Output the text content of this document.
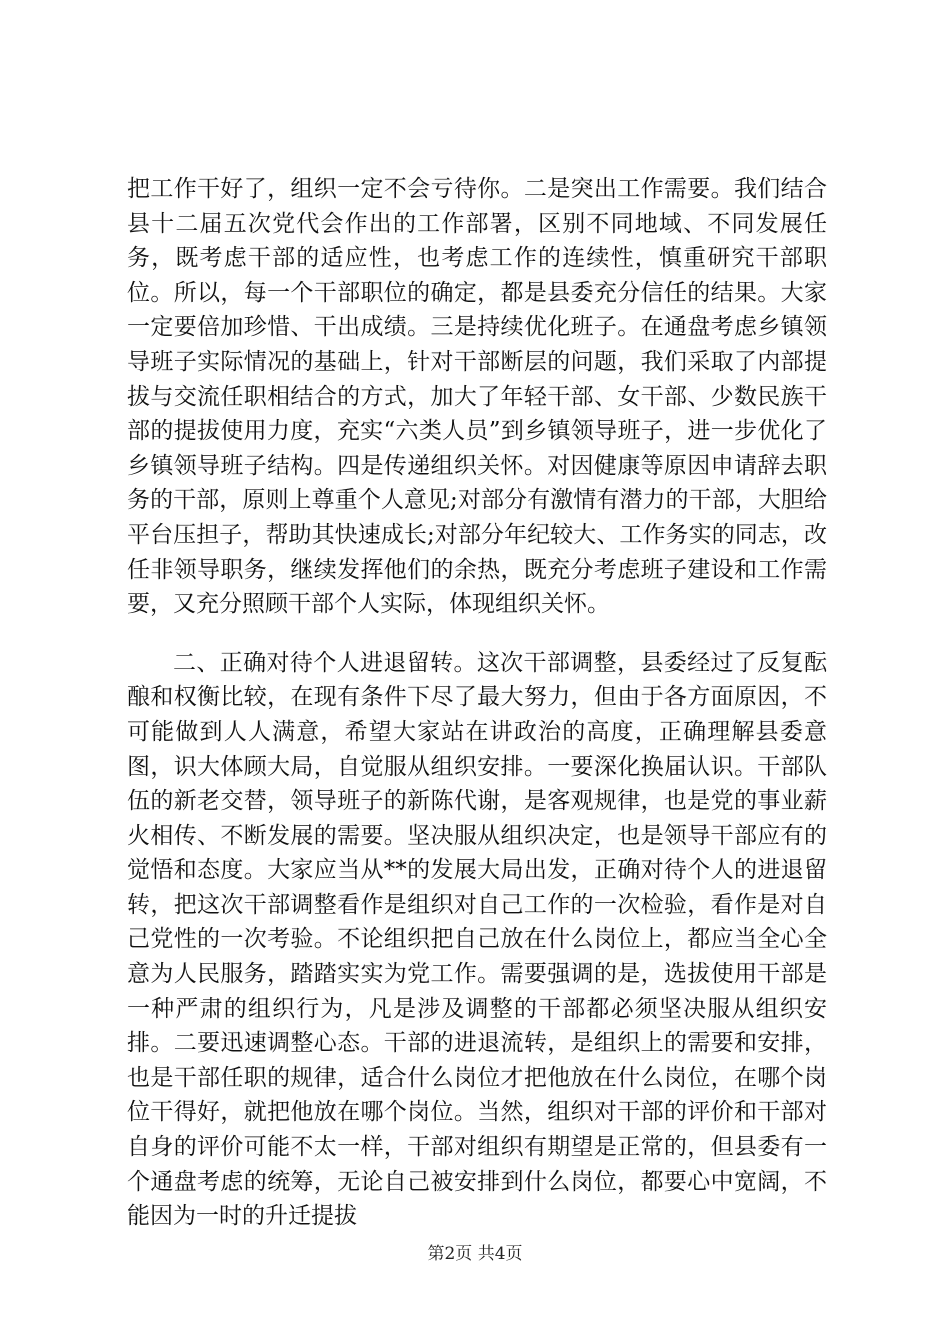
把工作干好了，组织一定不会亏待你。二是突出工作需要。我们结合县十二届五次党代会作出的工作部署，区别不同地域、不同发展任务，既考虑干部的适应性，也考虑工作的连续性，慎重研究干部职位。所以，每一个干部职位的确定，都是县委充分信任的结果。大家一定要倍加珍惜、干出成绩。三是持续优化班子。在通盘考虑乡镇领导班子实际情况的基础上，针对干部断层的问题，我们采取了内部提拔与交流任职相结合的方式，加大了年轻干部、女干部、少数民族干部的提拔使用力度，充实“六类人员”到乡镇领导班子，进一步优化了乡镇领导班子结构。四是传递组织关怀。对因健康等原因申请辞去职务的干部，原则上尊重个人意见;对部分有激情有潜力的干部，大胆给平台压担子，帮助其快速成长;对部分年纪较大、工作务实的同志，改任非领导职务，继续发挥他们的余热，既充分考虑班子建设和工作需要，又充分照顾干部个人实际，体现组织关怀。

二、正确对待个人进退留转。这次干部调整，县委经过了反复酝酿和权衡比较，在现有条件下尽了最大努力，但由于各方面原因，不可能做到人人满意，希望大家站在讲政治的高度，正确理解县委意图，识大体顾大局，自觉服从组织安排。一要深化换届认识。干部队伍的新老交替，领导班子的新陈代谢，是客观规律，也是党的事业薪火相传、不断发展的需要。坚决服从组织决定，也是领导干部应有的觉悟和态度。大家应当从**的发展大局出发，正确对待个人的进退留转，把这次干部调整看作是组织对自己工作的一次检验，看作是对自己党性的一次考验。不论组织把自己放在什么岗位上，都应当全心全意为人民服务，踏踏实实为党工作。需要强调的是，选拔使用干部是一种严肃的组织行为，凡是涉及调整的干部都必须坚决服从组织安排。二要迅速调整心态。干部的进退流转，是组织上的需要和安排，也是干部任职的规律，适合什么岗位才把他放在什么岗位，在哪个岗位干得好，就把他放在哪个岗位。当然，组织对干部的评价和干部对自身的评价可能不太一样，干部对组织有期望是正常的，但县委有一个通盘考虑的统筹，无论自己被安排到什么岗位，都要心中宽阔，不能因为一时的升迁提拔

第2页 共4页
